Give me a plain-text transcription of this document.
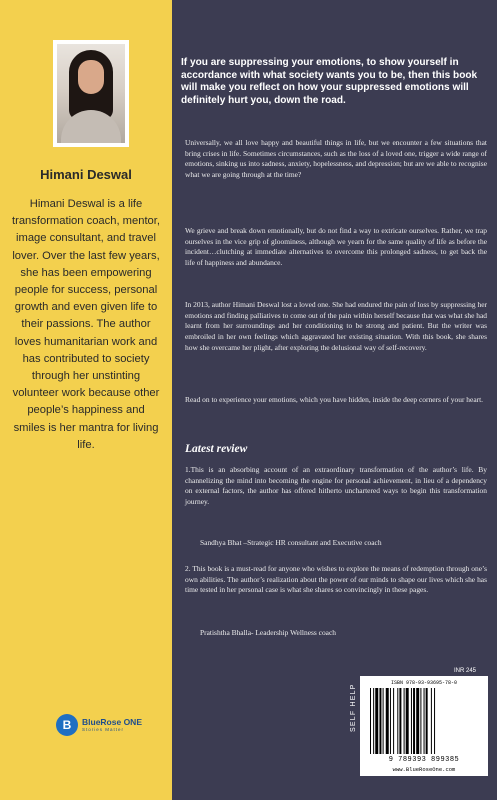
Himani Deswal
Himani Deswal is a life transformation coach, mentor, image consultant, and travel lover. Over the last few years, she has been empowering people for success, personal growth and even given life to their passions. The author loves humanitarian work and has contributed to society through her unstinting volunteer work because other people’s happiness and smiles is her mantra for living life.
B	BlueRose ONE
Stories Matter
If you are suppressing your emotions, to show yourself in accordance with what society wants you to be, then this book will make you reflect on how your suppressed emotions will definitely hurt you, down the road.

Universally, we all love happy and beautiful things in life, but we encounter a few situations that bring crises in life. Sometimes circumstances, such as the loss of a loved one, trigger a wide range of emotions, sinking us into sadness, anxiety, hopelessness, and depression; but are we able to recognise what we are going through at the time?

We grieve and break down emotionally, but do not find a way to extricate ourselves. Rather, we trap ourselves in the vice grip of gloominess, although we yearn for the same quality of life as before the incident…clutching at immediate alternatives to overcome this prolonged sadness, to get back the life of happiness and abundance.

In 2013, author Himani Deswal lost a loved one. She had endured the pain of loss by suppressing her emotions and finding palliatives to come out of the pain within herself because that was what she had learnt from her surroundings and her conditioning to be strong and patient. But the writer was embroiled in her own feelings which aggravated her existing situation. With this book, she shares how she overcame her plight, after exploring the delusional way of self-recovery.

Read on to experience your emotions, which you have hidden, inside the deep corners of your heart.

Latest review

1.This is an absorbing account of an extraordinary transformation of the author’s life. By channelizing the mind into becoming the engine for personal achievement, in lieu of a dependency on external factors, the author has offered hitherto unchartered ways to begin this transformation journey.

Sandhya Bhat –Strategic HR consultant and Executive coach

2. This book is a must-read for anyone who wishes to explore the means of redemption through one’s own abilities. The author’s realization about the power of our minds to shape our lives which she has time tested in her personal case is what she shares so convincingly in these pages.

Pratishtha Bhalla- Leadership Wellness coach
INR 245
SELF HELP
ISBN 978-93-93695-78-0
9 789393 899385
www.BlueRoseOne.com
